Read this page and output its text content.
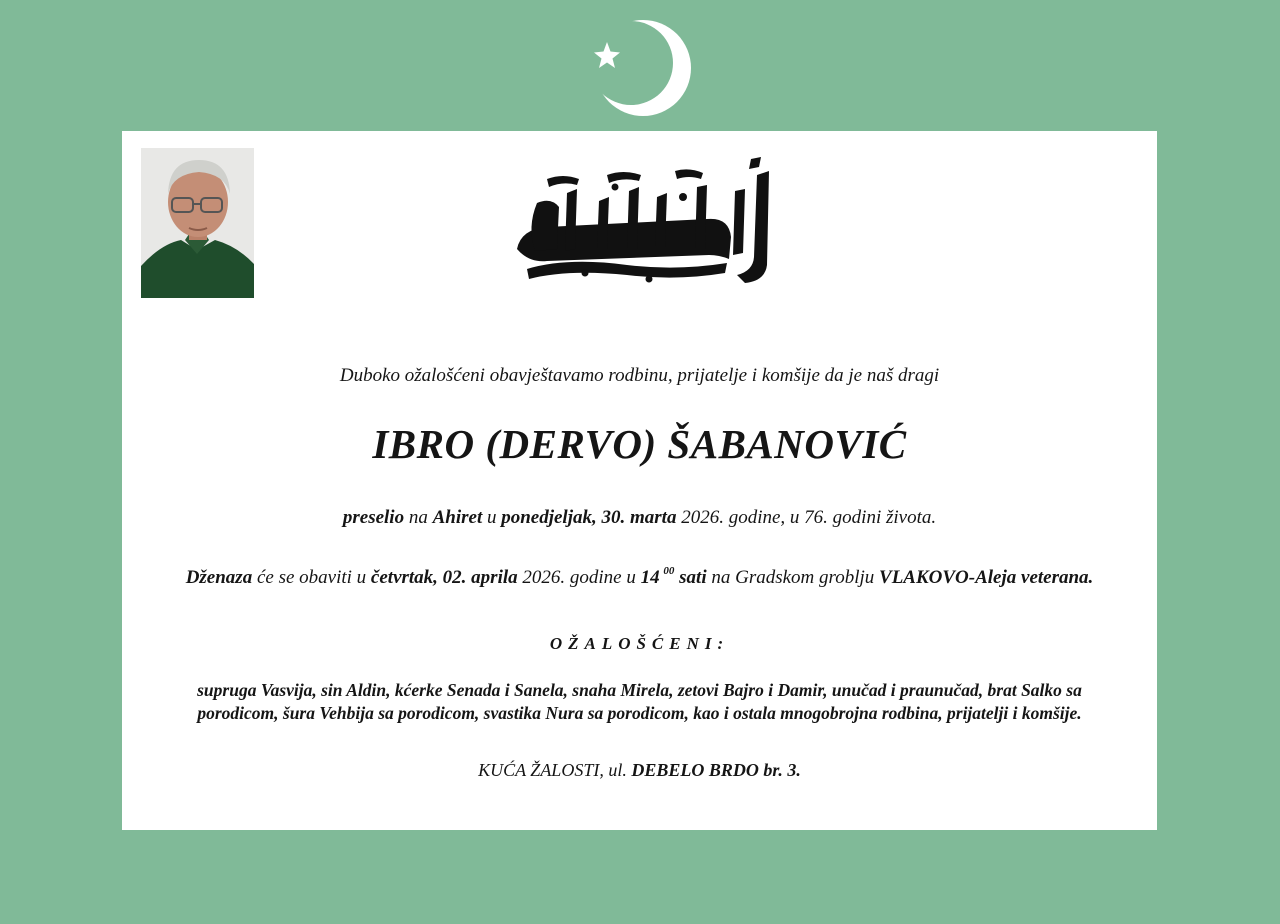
Duboko ožalošćeni obavještavamo rodbinu, prijatelje i komšije da je naš dragi
IBRO (DERVO) ŠABANOVIĆ
preselio na Ahiret u ponedjeljak, 30. marta 2026. godine, u 76. godini života.
Dženaza će se obaviti u četvrtak, 02. aprila 2026. godine u 14  $^{00}$ sati na Gradskom groblju VLAKOVO-Aleja veterana.
OŽALOŠĆENI:
supruga Vasvija, sin Aldin, kćerke Senada i Sanela, snaha Mirela, zetovi Bajro i Damir, unučad i praunučad, brat Salko sa
porodicom, šura Vehbija sa porodicom, svastika Nura sa porodicom, kao i ostala mnogobrojna rodbina, prijatelji i komšije.
KUĆA ŽALOSTI, ul. DEBELO BRDO br. 3.
